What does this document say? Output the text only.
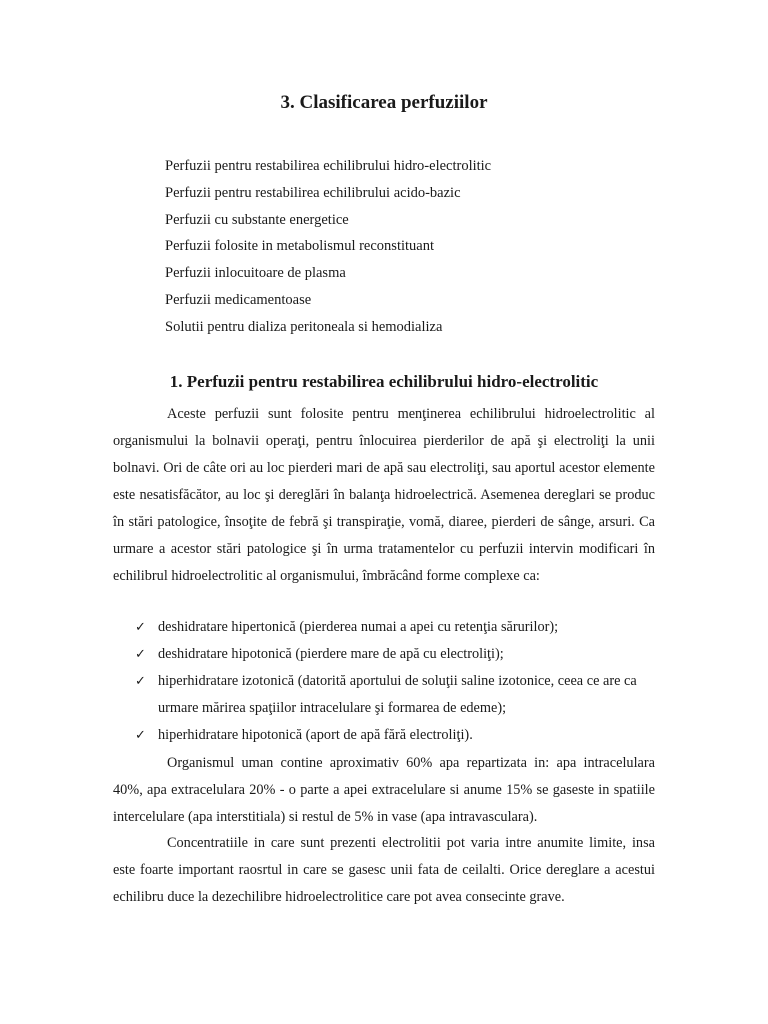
3. Clasificarea perfuziilor
Perfuzii pentru restabilirea echilibrului hidro-electrolitic
Perfuzii pentru restabilirea echilibrului acido-bazic
Perfuzii cu substante energetice
Perfuzii folosite in metabolismul reconstituant
Perfuzii inlocuitoare de plasma
Perfuzii medicamentoase
Solutii pentru dializa peritoneala si hemodializa
1. Perfuzii pentru restabilirea echilibrului hidro-electrolitic

Aceste perfuzii sunt folosite pentru menţinerea echilibrului hidroelectrolitic al organismului la bolnavii operaţi, pentru înlocuirea pierderilor de apă şi electroliţi la unii bolnavi. Ori de câte ori au loc pierderi mari de apă sau electroliţi, sau aportul acestor elemente este nesatisfăcător, au loc şi dereglări în balanţa hidroelectrică. Asemenea dereglari se produc în stări patologice, însoţite de febră şi transpiraţie, vomă, diaree, pierderi de sânge, arsuri. Ca urmare a acestor stări patologice şi în urma tratamentelor cu perfuzii intervin modificari în echilibrul hidroelectrolitic al organismului, îmbrăcând forme complexe ca:

✓ deshidratare hipertonică (pierderea numai a apei cu retenţia sărurilor);
✓ deshidratare hipotonică (pierdere mare de apă cu electroliţi);
✓ hiperhidratare izotonică (datorită aportului de soluţii saline izotonice, ceea ce are ca urmare mărirea spaţiilor intracelulare şi formarea de edeme);
✓ hiperhidratare hipotonică (aport de apă fără electroliţi).

Organismul uman contine aproximativ 60% apa repartizata in: apa intracelulara 40%, apa extracelulara 20% - o parte a apei extracelulare si anume 15% se gaseste in spatiile intercelulare (apa interstitiala) si restul de 5% in vase (apa intravasculara).

Concentratiile in care sunt prezenti electrolitii pot varia intre anumite limite, insa este foarte important raosrtul in care se gasesc unii fata de ceilalti. Orice dereglare a acestui echilibru duce la dezechilibre hidroelectrolitice care pot avea consecinte grave.
